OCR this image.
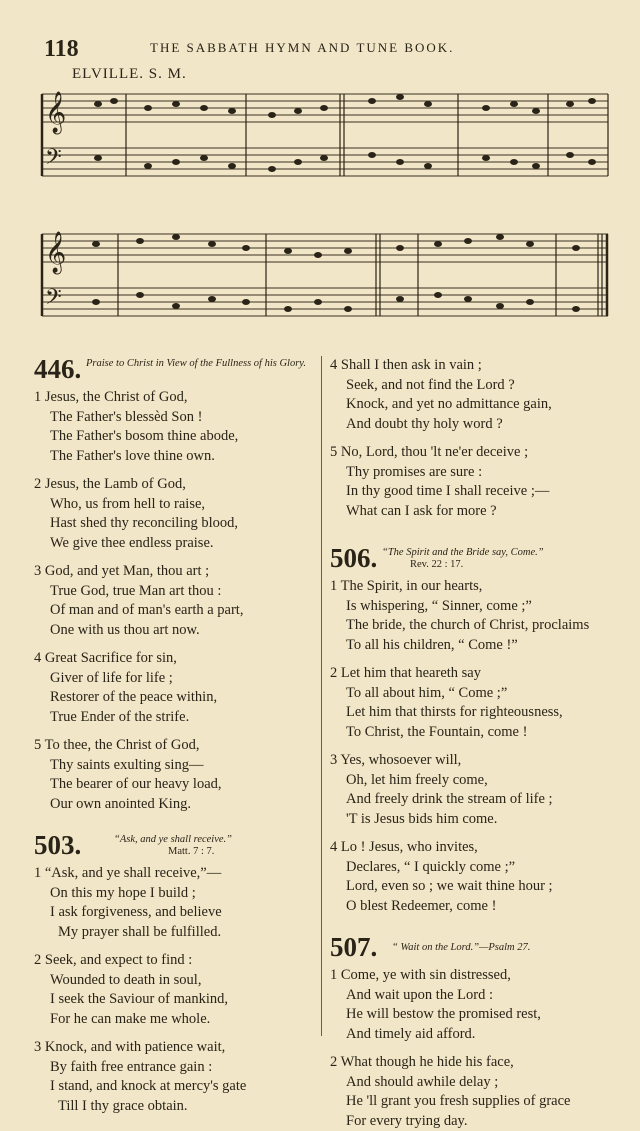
118	THE SABBATH HYMN AND TUNE BOOK.
ELVILLE. S. M.
𝄞
𝄢
𝄞
𝄢
446. Praise to Christ in View of the Fullness of his Glory.
1 Jesus, the Christ of God,
The Father's blessèd Son !
The Father's bosom thine abode,
The Father's love thine own.
2 Jesus, the Lamb of God,
Who, us from hell to raise,
Hast shed thy reconciling blood,
We give thee endless praise.
3 God, and yet Man, thou art ;
True God, true Man art thou :
Of man and of man's earth a part,
One with us thou art now.
4 Great Sacrifice for sin,
Giver of life for life ;
Restorer of the peace within,
True Ender of the strife.
5 To thee, the Christ of God,
Thy saints exulting sing—
The bearer of our heavy load,
Our own anointed King.
503.	“Ask, and ye shall receive.”
Matt. 7 : 7.
1 “Ask, and ye shall receive,”—
On this my hope I build ;
I ask forgiveness, and believe
My prayer shall be fulfilled.
2 Seek, and expect to find :
Wounded to death in soul,
I seek the Saviour of mankind,
For he can make me whole.
3 Knock, and with patience wait,
By faith free entrance gain :
I stand, and knock at mercy's gate
Till I thy grace obtain.
4 Shall I then ask in vain ;
Seek, and not find the Lord ?
Knock, and yet no admittance gain,
And doubt thy holy word ?
5 No, Lord, thou 'lt ne'er deceive ;
Thy promises are sure :
In thy good time I shall receive ;—
What can I ask for more ?
506. “The Spirit and the Bride say, Come.”
Rev. 22 : 17.
1 The Spirit, in our hearts,
Is whispering, “ Sinner, come ;”
The bride, the church of Christ, proclaims
To all his children, “ Come !”
2 Let him that heareth say
To all about him, “ Come ;”
Let him that thirsts for righteousness,
To Christ, the Fountain, come !
3 Yes, whosoever will,
Oh, let him freely come,
And freely drink the stream of life ;
'T is Jesus bids him come.
4 Lo ! Jesus, who invites,
Declares, “ I quickly come ;”
Lord, even so ; we wait thine hour ;
O blest Redeemer, come !
507. “ Wait on the Lord.”—Psalm 27.
1 Come, ye with sin distressed,
And wait upon the Lord :
He will bestow the promised rest,
And timely aid afford.
2 What though he hide his face,
And should awhile delay ;
He 'll grant you fresh supplies of grace
For every trying day.
